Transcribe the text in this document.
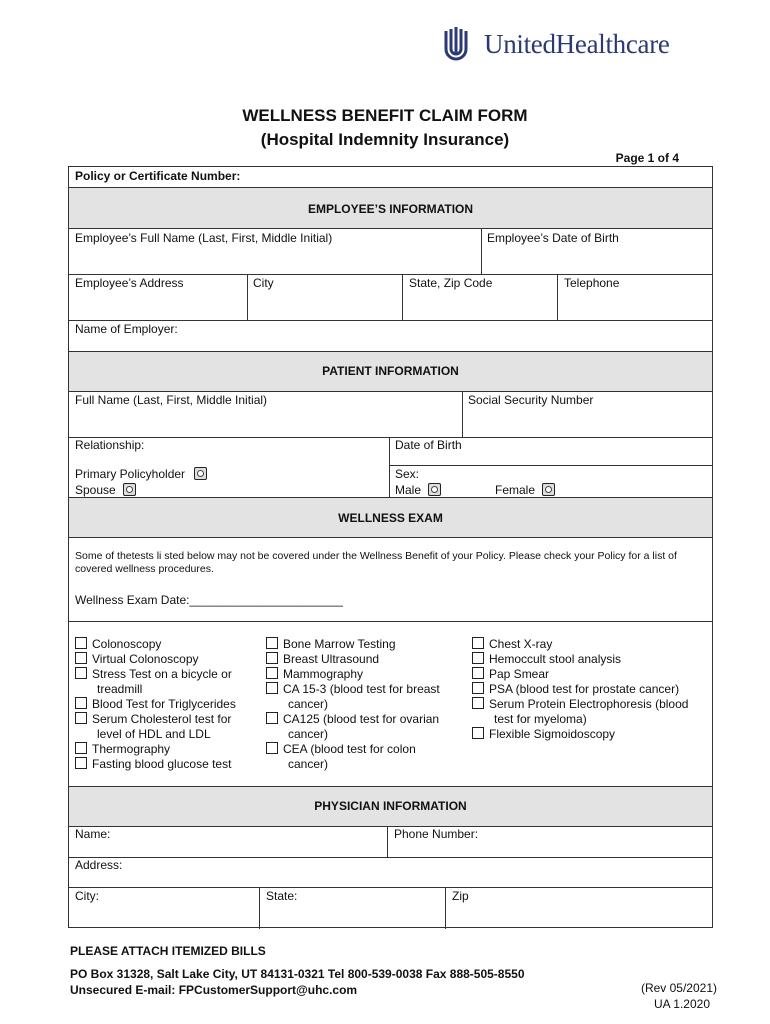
UnitedHealthcare
WELLNESS BENEFIT CLAIM FORM
(Hospital Indemnity Insurance)
Page 1 of 4
Policy or Certificate Number:
EMPLOYEE’S INFORMATION
Employee’s Full Name (Last, First, Middle Initial)	Employee’s Date of Birth
Employee’s Address	City	State, Zip Code	Telephone
Name of Employer:
PATIENT INFORMATION
Full Name (Last, First, Middle Initial)	Social Security Number
Relationship:	Date of Birth
Primary Policyholder
Spouse
Sex:
Male	Female
WELLNESS EXAM
Some of thetests li sted below may not be covered under the Wellness Benefit of your Policy. Please check your Policy for a list of covered wellness procedures.
Wellness Exam Date:_______________________
Colonoscopy
Virtual Colonoscopy
Stress Test on a bicycle or
treadmill
Blood Test for Triglycerides
Serum Cholesterol test for
level of HDL and LDL
Thermography
Fasting blood glucose test
Bone Marrow Testing
Breast Ultrasound
Mammography
CA 15-3 (blood test for breast
cancer)
CA125 (blood test for ovarian
cancer)
CEA (blood test for colon
cancer)
Chest X-ray
Hemoccult stool analysis
Pap Smear
PSA (blood test for prostate cancer)
Serum Protein Electrophoresis (blood
test for myeloma)
Flexible Sigmoidoscopy
PHYSICIAN INFORMATION
Name:	Phone Number:
Address:
City:	State:	Zip
PLEASE ATTACH ITEMIZED BILLS
PO Box 31328, Salt Lake City, UT 84131-0321 Tel 800-539-0038 Fax 888-505-8550
Unsecured E-mail: FPCustomerSupport@uhc.com	(Rev 05/2021)
UA 1.2020
